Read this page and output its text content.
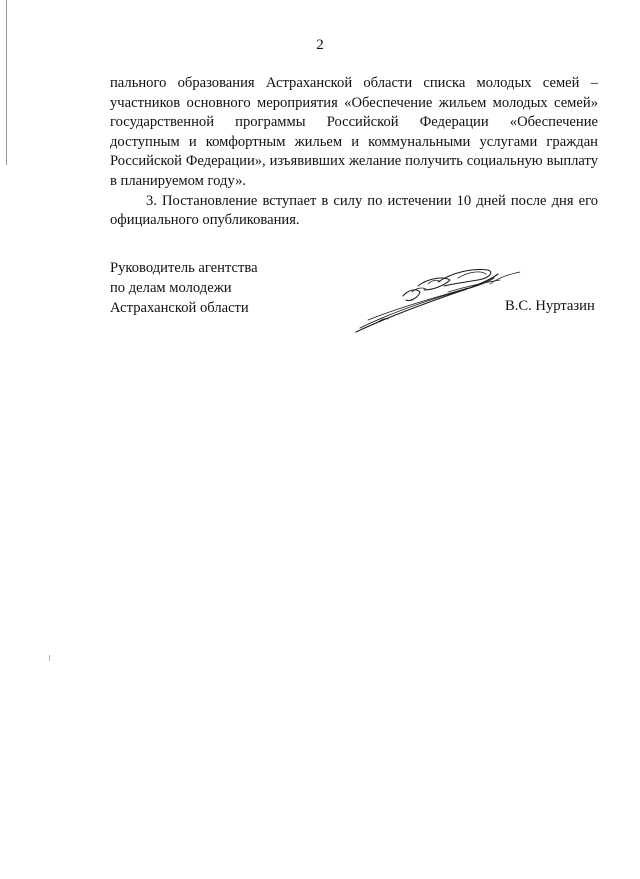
2

пального образования Астраханской области списка молодых семей – участников основного мероприятия «Обеспечение жильем молодых семей» государственной программы Российской Федерации «Обеспечение доступным и комфортным жильем и коммунальными услугами граждан Российской Федерации», изъявивших желание получить социальную выплату в планируемом году».

3. Постановление вступает в силу по истечении 10 дней после дня его официального опубликования.

Руководитель агентства
по делам молодежи
Астраханской области	В.С. Нуртазин
